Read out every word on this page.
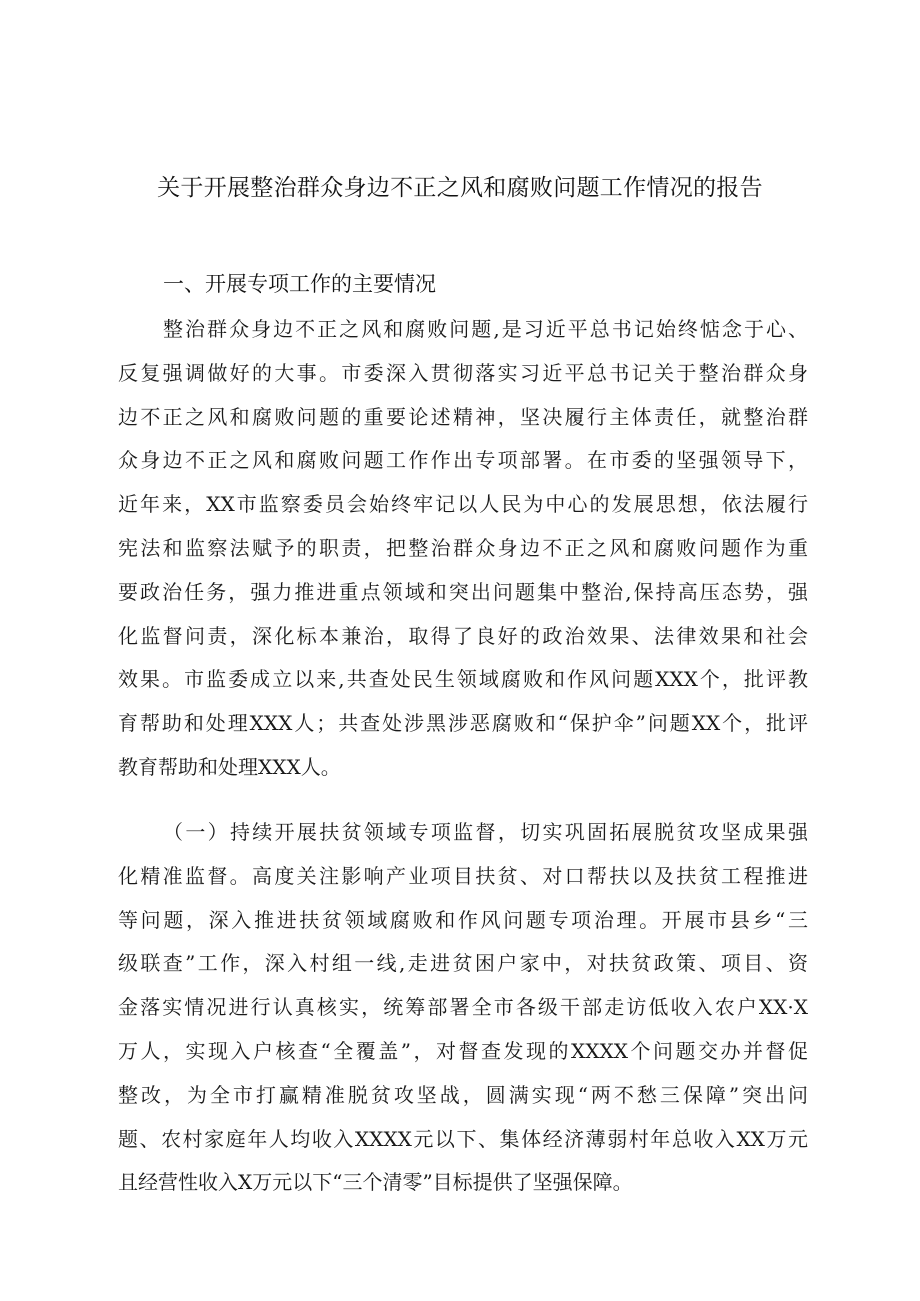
关于开展整治群众身边不正之风和腐败问题工作情况的报告
一、开展专项工作的主要情况
整治群众身边不正之风和腐败问题,是习近平总书记始终惦念于心、
反复强调做好的大事。市委深入贯彻落实习近平总书记关于整治群众身
边不正之风和腐败问题的重要论述精神，坚决履行主体责任，就整治群
众身边不正之风和腐败问题工作作出专项部署。在市委的坚强领导下，
近年来，XX市监察委员会始终牢记以人民为中心的发展思想，依法履行
宪法和监察法赋予的职责，把整治群众身边不正之风和腐败问题作为重
要政治任务，强力推进重点领域和突出问题集中整治,保持高压态势，强
化监督问责，深化标本兼治，取得了良好的政治效果、法律效果和社会
效果。市监委成立以来,共查处民生领域腐败和作风问题XXX个，批评教
育帮助和处理XXX人；共查处涉黑涉恶腐败和“保护伞”问题XX个，批评
教育帮助和处理XXX人。
（一）持续开展扶贫领域专项监督，切实巩固拓展脱贫攻坚成果强
化精准监督。高度关注影响产业项目扶贫、对口帮扶以及扶贫工程推进
等问题，深入推进扶贫领域腐败和作风问题专项治理。开展市县乡“三
级联查”工作，深入村组一线,走进贫困户家中，对扶贫政策、项目、资
金落实情况进行认真核实，统筹部署全市各级干部走访低收入农户XX·X
万人，实现入户核查“全覆盖”，对督查发现的XXXX个问题交办并督促
整改，为全市打赢精准脱贫攻坚战，圆满实现“两不愁三保障”突出问
题、农村家庭年人均收入XXXX元以下、集体经济薄弱村年总收入XX万元
且经营性收入X万元以下“三个清零”目标提供了坚强保障。
